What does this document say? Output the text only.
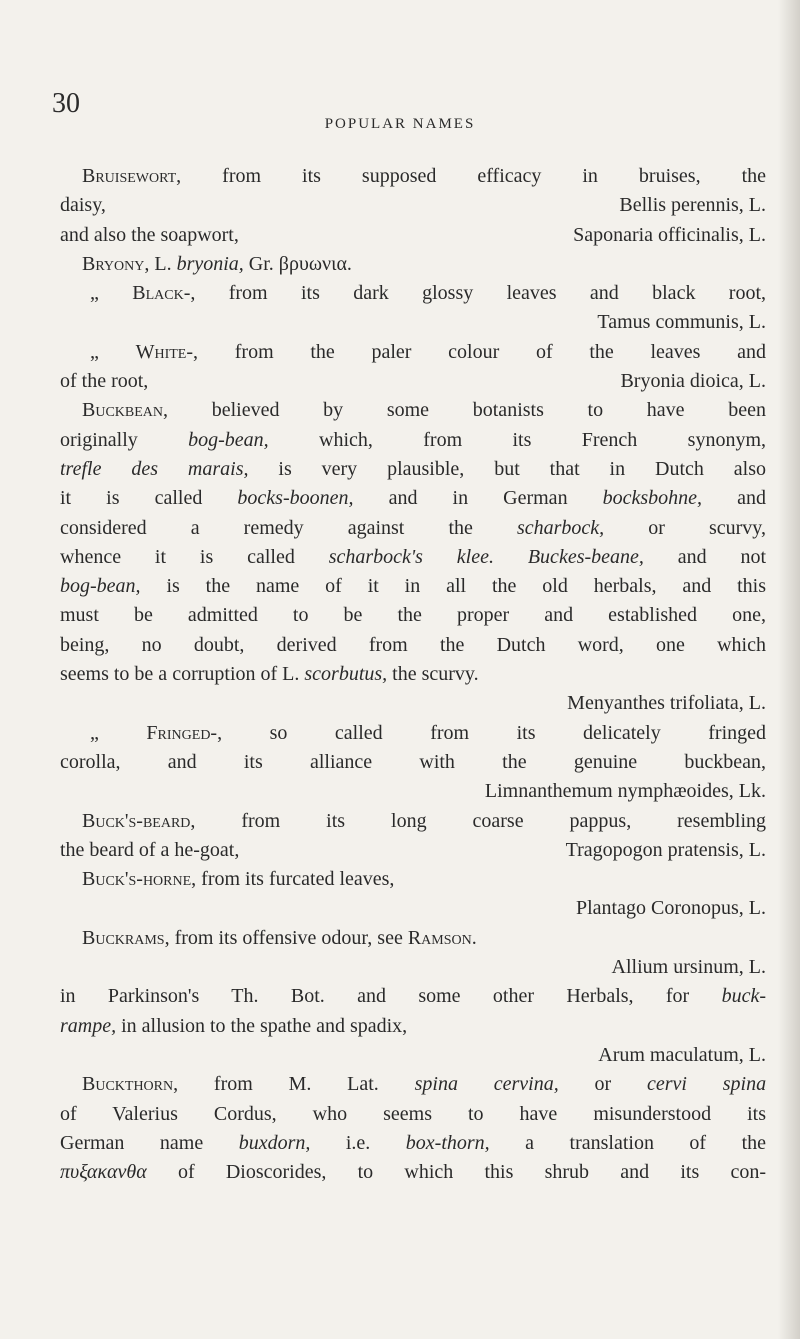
30
POPULAR NAMES
Bruisewort, from its supposed efficacy in bruises, the
daisy,	Bellis perennis, L.
and also the soapwort,	Saponaria officinalis, L.
Bryony, L. bryonia, Gr. βρυωνια.
„ Black-, from its dark glossy leaves and black root,
Tamus communis, L.
„ White-, from the paler colour of the leaves and
of the root,	Bryonia dioica, L.
Buckbean, believed by some botanists to have been
originally	bog-bean,	which, from its French synonym,
trefle des marais, is very plausible, but that in Dutch also
it is called bocks-boonen, and in German bocksbohne, and
considered a remedy against the scharbock, or scurvy,
whence it is called scharbock's klee. Buckes-beane, and not
bog-bean, is the name of it in all the old herbals, and this
must be admitted to be the proper and established one,
being, no doubt, derived from the Dutch word, one which
seems to be a corruption of L. scorbutus, the scurvy.
Menyanthes trifoliata, L.
„ Fringed-, so called from its delicately fringed
corolla, and its alliance with the genuine buckbean,
Limnanthemum nymphæoides, Lk.
Buck's-beard, from its long coarse pappus, resembling
the beard of a he-goat,	Tragopogon pratensis, L.
Buck's-horne, from its furcated leaves,
Plantago Coronopus, L.
Buckrams, from its offensive odour, see Ramson.
Allium ursinum, L.
in Parkinson's Th. Bot. and some other Herbals, for buck-
rampe, in allusion to the spathe and spadix,
Arum maculatum, L.
Buckthorn, from M. Lat. spina cervina, or cervi spina
of Valerius Cordus, who seems to have misunderstood its
German name buxdorn, i.e. box-thorn, a translation of the
πυξακανθα of Dioscorides, to which this shrub and its con-
